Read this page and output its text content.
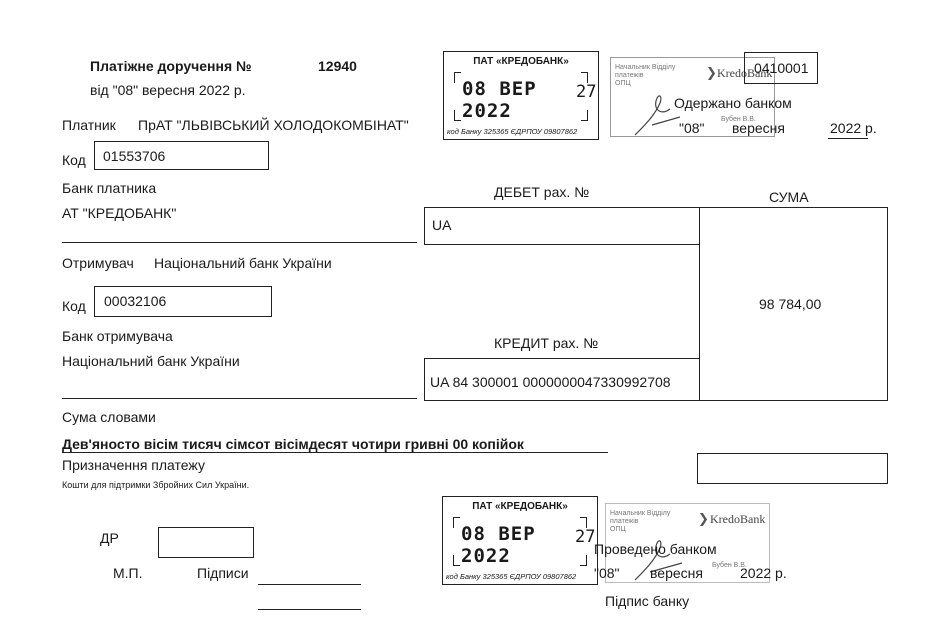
Платіжне доручення №	12940
від "08" вересня 2022 р.
Платник ПрАТ "ЛЬВІВСЬКИЙ ХОЛОДОКОМБІНАТ"
Код 01553706
Банк платника
АТ "КРЕДОБАНК"
ДЕБЕТ рах. №	СУМА
UA
98 784,00
Отримувач Національний банк України
Код 00032106
Банк отримувача
Національний банк України
КРЕДИТ рах. №
UA 84 300001 0000000047330992708
Сума словами
Дев'яносто вісім тисяч сімсот вісімдесят чотири гривні 00 копійок
Призначення платежу
Кошти для підтримки Збройних Сил України.
ДР
М.П.	Підписи
ПАТ «КРЕДОБАНК»
08 ВЕР 2022
27
код Банку 325365 ЄДРПОУ 09807862
Начальник Відділу
платежів
ОПЦ
❯ KredoBank
Бубен В.В.
0410001
Одержано банком
"08" вересня	2022 р.
ПАТ «КРЕДОБАНК»
08 ВЕР 2022
27
код Банку 325365 ЄДРПОУ 09807862
Начальник Відділу
платежів
ОПЦ
❯ KredoBank
Бубен В.В.
Проведено банком
"08" вересня	2022 р.
Підпис банку
